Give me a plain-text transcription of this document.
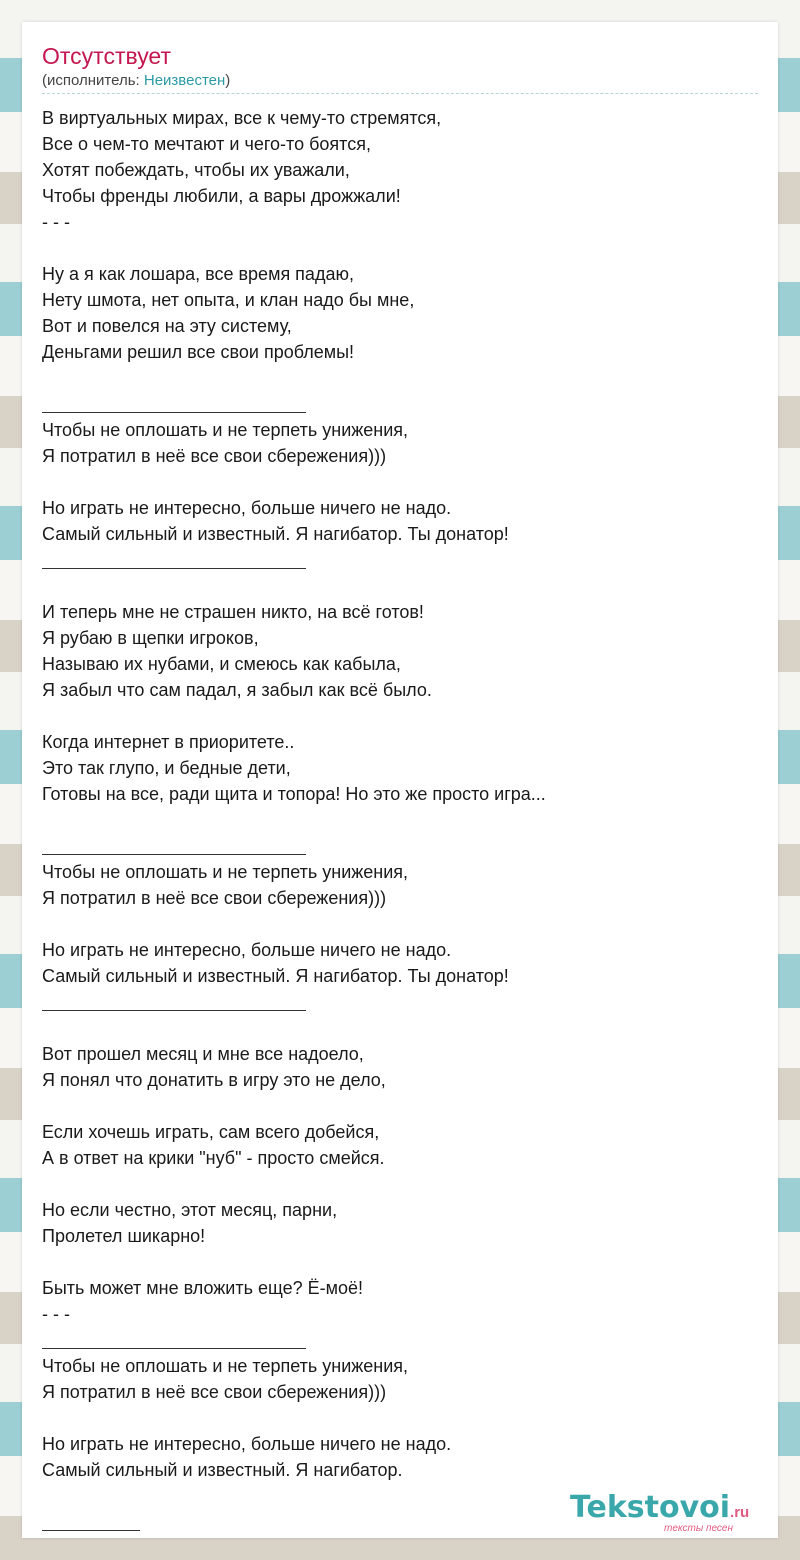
Отсутствует
(исполнитель: Неизвестен)
В виртуальных мирах, все к чему-то стремятся,
Все о чем-то мечтают и чего-то боятся,
Хотят побеждать, чтобы их уважали,
Чтобы френды любили, а вары дрожжали!
- - -
Ну а я как лошара, все время падаю,
Нету шмота, нет опыта, и клан надо бы мне,
Вот и повелся на эту систему,
Деньгами решил все свои проблемы!
Чтобы не оплошать и не терпеть унижения,
Я потратил в неё все свои сбережения)))
Но играть не интересно, больше ничего не надо.
Самый сильный и известный. Я нагибатор. Ты донатор!
И теперь мне не страшен никто, на всё готов!
Я рубаю в щепки игроков,
Называю их нубами, и смеюсь как кабыла,
Я забыл что сам падал, я забыл как всё было.
Когда интернет в приоритете..
Это так глупо, и бедные дети,
Готовы на все, ради щита и топора! Но это же просто игра...
Чтобы не оплошать и не терпеть унижения,
Я потратил в неё все свои сбережения)))
Но играть не интересно, больше ничего не надо.
Самый сильный и известный. Я нагибатор. Ты донатор!
Вот прошел месяц и мне все надоело,
Я понял что донатить в игру это не дело,
Если хочешь играть, сам всего добейся,
А в ответ на крики "нуб" - просто смейся.
Но если честно, этот месяц, парни,
Пролетел шикарно!
Быть может мне вложить еще? Ё-моё!
- - -
Чтобы не оплошать и не терпеть унижения,
Я потратил в неё все свои сбережения)))
Но играть не интересно, больше ничего не надо.
Самый сильный и известный. Я нагибатор.
Tekstovoi.ru
тексты песен
